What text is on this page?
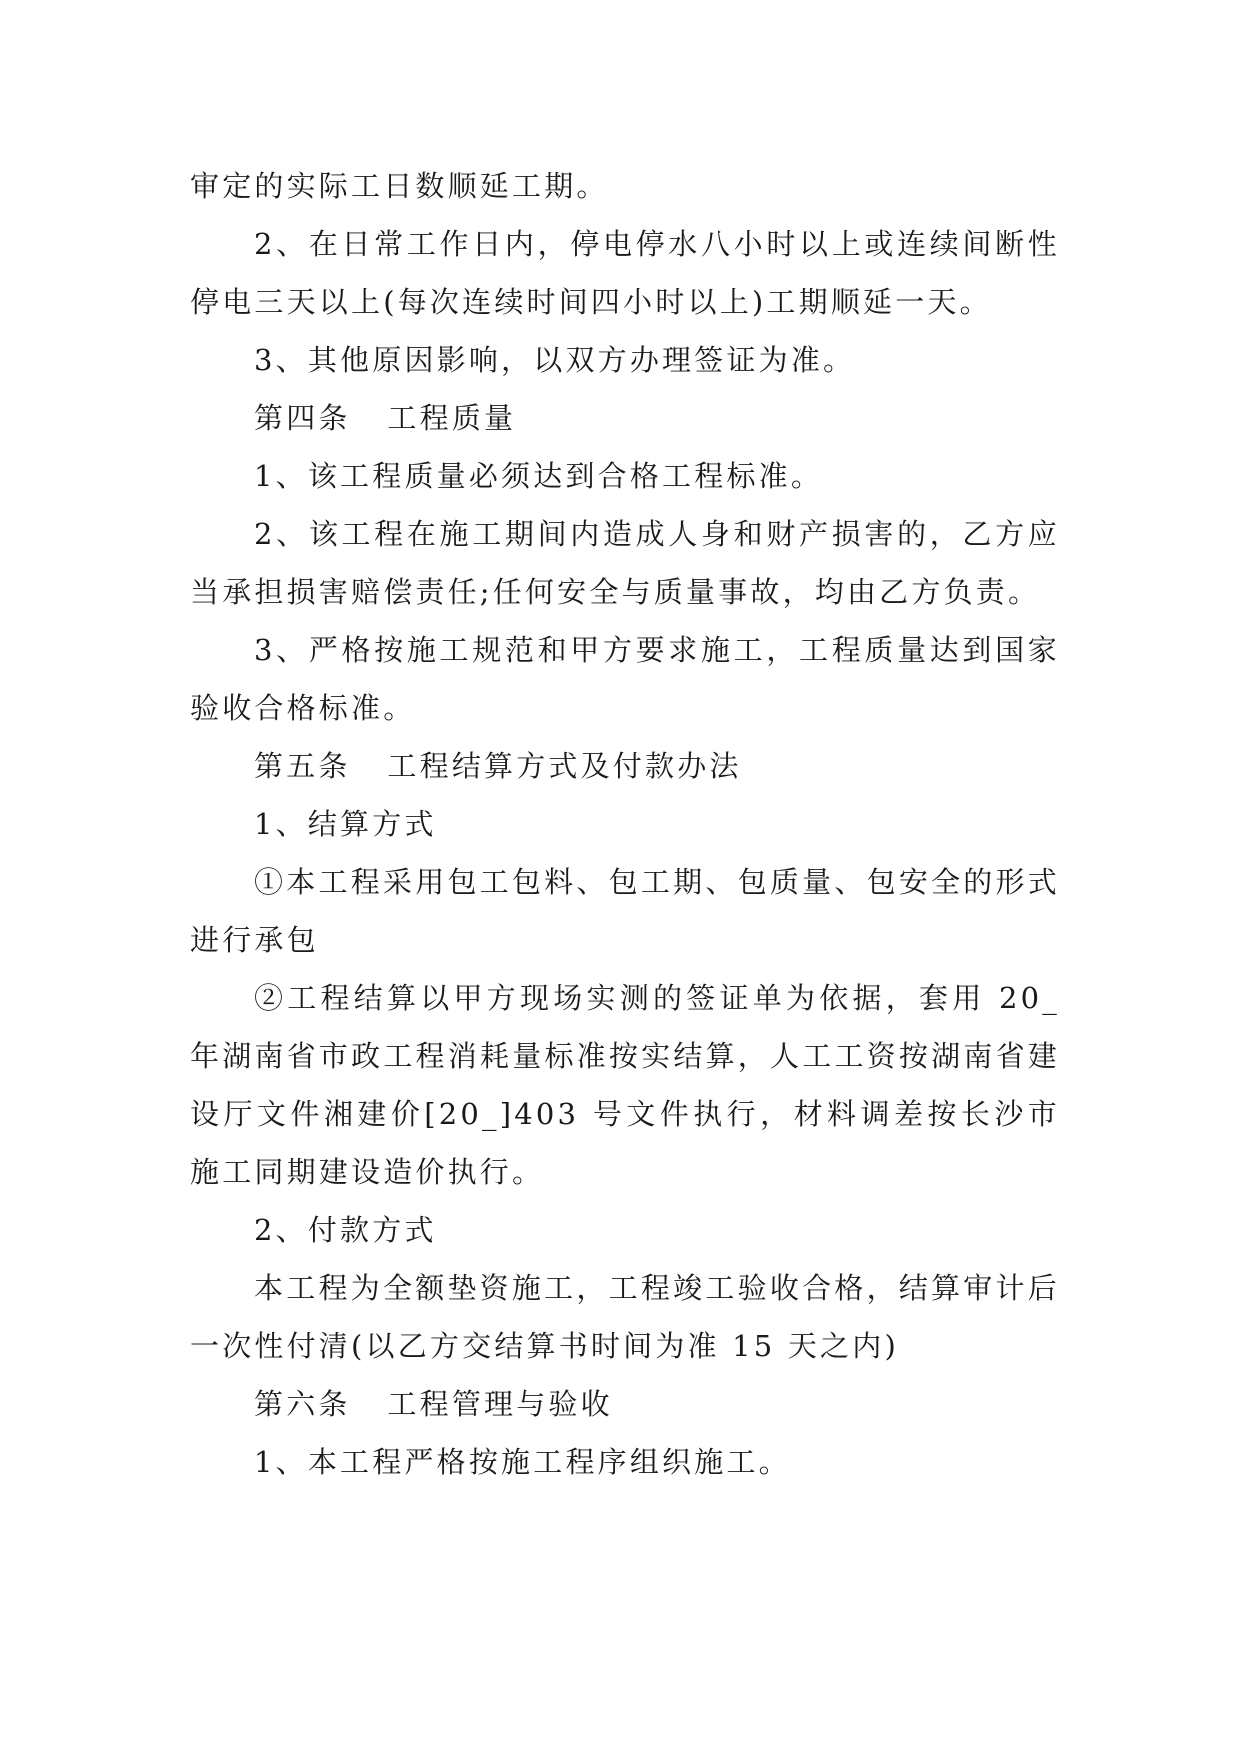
审定的实际工日数顺延工期。

2、在日常工作日内，停电停水八小时以上或连续间断性停电三天以上(每次连续时间四小时以上)工期顺延一天。

3、其他原因影响，以双方办理签证为准。

第四条  工程质量

1、该工程质量必须达到合格工程标准。

2、该工程在施工期间内造成人身和财产损害的，乙方应当承担损害赔偿责任;任何安全与质量事故，均由乙方负责。

3、严格按施工规范和甲方要求施工，工程质量达到国家验收合格标准。

第五条  工程结算方式及付款办法

1、结算方式

①本工程采用包工包料、包工期、包质量、包安全的形式进行承包

②工程结算以甲方现场实测的签证单为依据，套用 20_年湖南省市政工程消耗量标准按实结算，人工工资按湖南省建设厅文件湘建价[20_]403 号文件执行，材料调差按长沙市施工同期建设造价执行。

2、付款方式

本工程为全额垫资施工，工程竣工验收合格，结算审计后一次性付清(以乙方交结算书时间为准 15 天之内)

第六条  工程管理与验收

1、本工程严格按施工程序组织施工。
